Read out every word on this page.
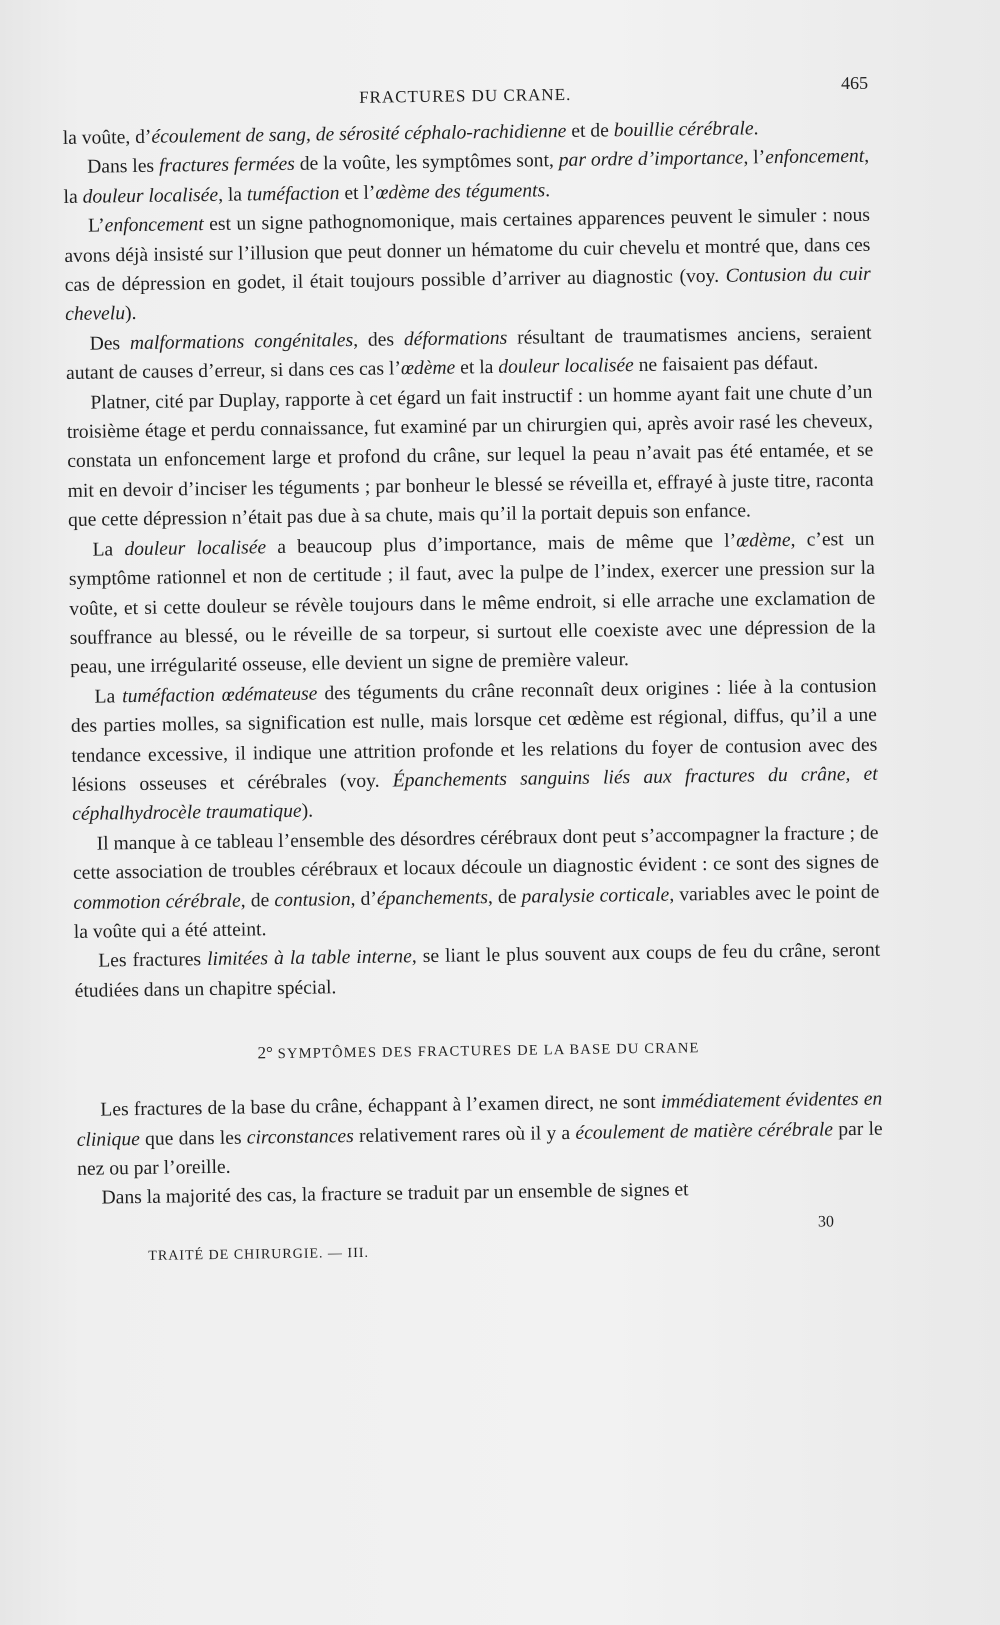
FRACTURES DU CRANE.
465

la voûte, d’écoulement de sang, de sérosité céphalo-rachidienne et de bouillie cérébrale.

Dans les fractures fermées de la voûte, les symptômes sont, par ordre d’importance, l’enfoncement, la douleur localisée, la tuméfaction et l’œdème des téguments.

L’enfoncement est un signe pathognomonique, mais certaines apparences peuvent le simuler : nous avons déjà insisté sur l’illusion que peut donner un hématome du cuir chevelu et montré que, dans ces cas de dépression en godet, il était toujours possible d’arriver au diagnostic (voy. Contusion du cuir chevelu).

Des malformations congénitales, des déformations résultant de traumatismes anciens, seraient autant de causes d’erreur, si dans ces cas l’œdème et la douleur localisée ne faisaient pas défaut.

Platner, cité par Duplay, rapporte à cet égard un fait instructif : un homme ayant fait une chute d’un troisième étage et perdu connaissance, fut examiné par un chirurgien qui, après avoir rasé les cheveux, constata un enfoncement large et profond du crâne, sur lequel la peau n’avait pas été entamée, et se mit en devoir d’inciser les téguments ; par bonheur le blessé se réveilla et, effrayé à juste titre, raconta que cette dépression n’était pas due à sa chute, mais qu’il la portait depuis son enfance.

La douleur localisée a beaucoup plus d’importance, mais de même que l’œdème, c’est un symptôme rationnel et non de certitude ; il faut, avec la pulpe de l’index, exercer une pression sur la voûte, et si cette douleur se révèle toujours dans le même endroit, si elle arrache une exclamation de souffrance au blessé, ou le réveille de sa torpeur, si surtout elle coexiste avec une dépression de la peau, une irrégularité osseuse, elle devient un signe de première valeur.

La tuméfaction œdémateuse des téguments du crâne reconnaît deux origines : liée à la contusion des parties molles, sa signification est nulle, mais lorsque cet œdème est régional, diffus, qu’il a une tendance excessive, il indique une attrition profonde et les relations du foyer de contusion avec des lésions osseuses et cérébrales (voy. Épanchements sanguins liés aux fractures du crâne, et céphalhydrocèle traumatique).

Il manque à ce tableau l’ensemble des désordres cérébraux dont peut s’accompagner la fracture ; de cette association de troubles cérébraux et locaux découle un diagnostic évident : ce sont des signes de commotion cérébrale, de contusion, d’épanchements, de paralysie corticale, variables avec le point de la voûte qui a été atteint.

Les fractures limitées à la table interne, se liant le plus souvent aux coups de feu du crâne, seront étudiées dans un chapitre spécial.

2° SYMPTÔMES DES FRACTURES DE LA BASE DU CRANE

Les fractures de la base du crâne, échappant à l’examen direct, ne sont immédiatement évidentes en clinique que dans les circonstances relativement rares où il y a écoulement de matière cérébrale par le nez ou par l’oreille.

Dans la majorité des cas, la fracture se traduit par un ensemble de signes et

30
TRAITÉ DE CHIRURGIE. — III.
